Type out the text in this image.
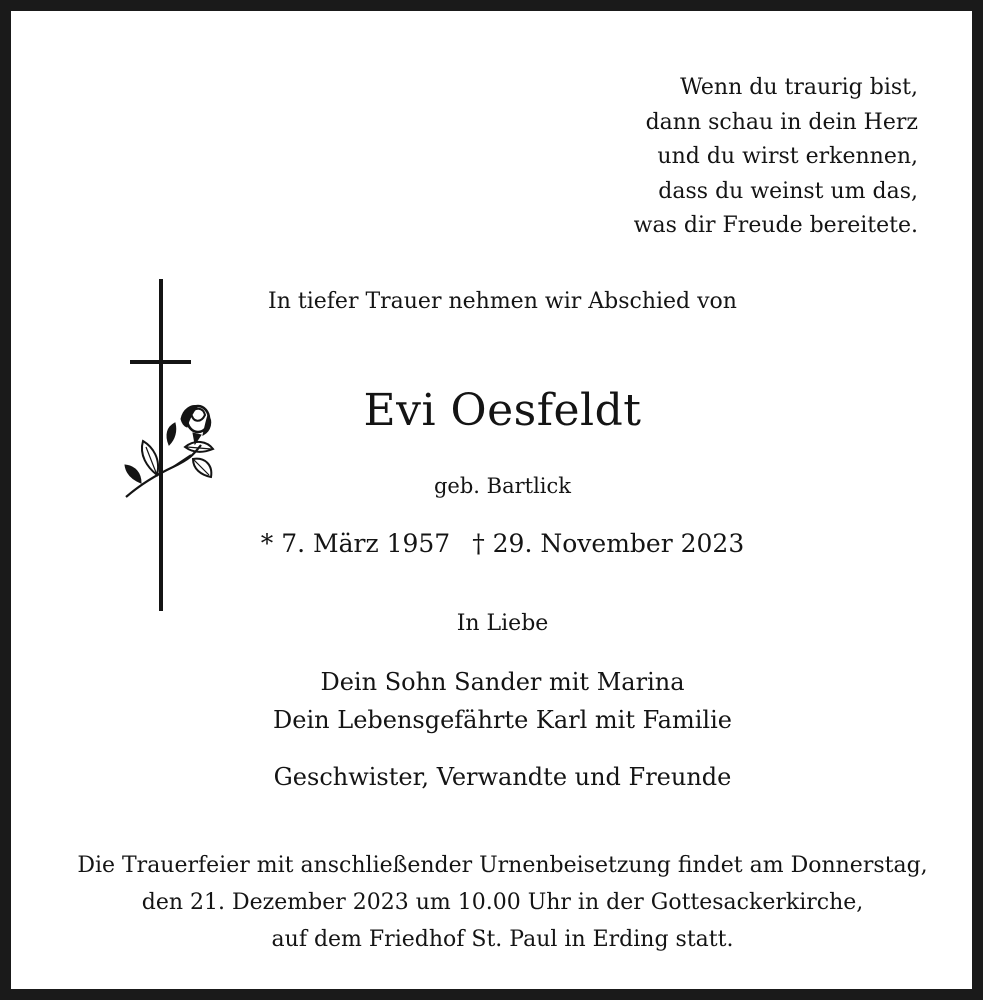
Wenn du traurig bist,
dann schau in dein Herz
und du wirst erkennen,
dass du weinst um das,
was dir Freude bereitete.
In tiefer Trauer nehmen wir Abschied von
Evi Oesfeldt
geb. Bartlick
* 7. März 1957 † 29. November 2023
In Liebe
Dein Sohn Sander mit Marina
Dein Lebensgefährte Karl mit Familie
Geschwister, Verwandte und Freunde
Die Trauerfeier mit anschließender Urnenbeisetzung findet am Donnerstag,
den 21. Dezember 2023 um 10.00 Uhr in der Gottesackerkirche,
auf dem Friedhof St. Paul in Erding statt.
